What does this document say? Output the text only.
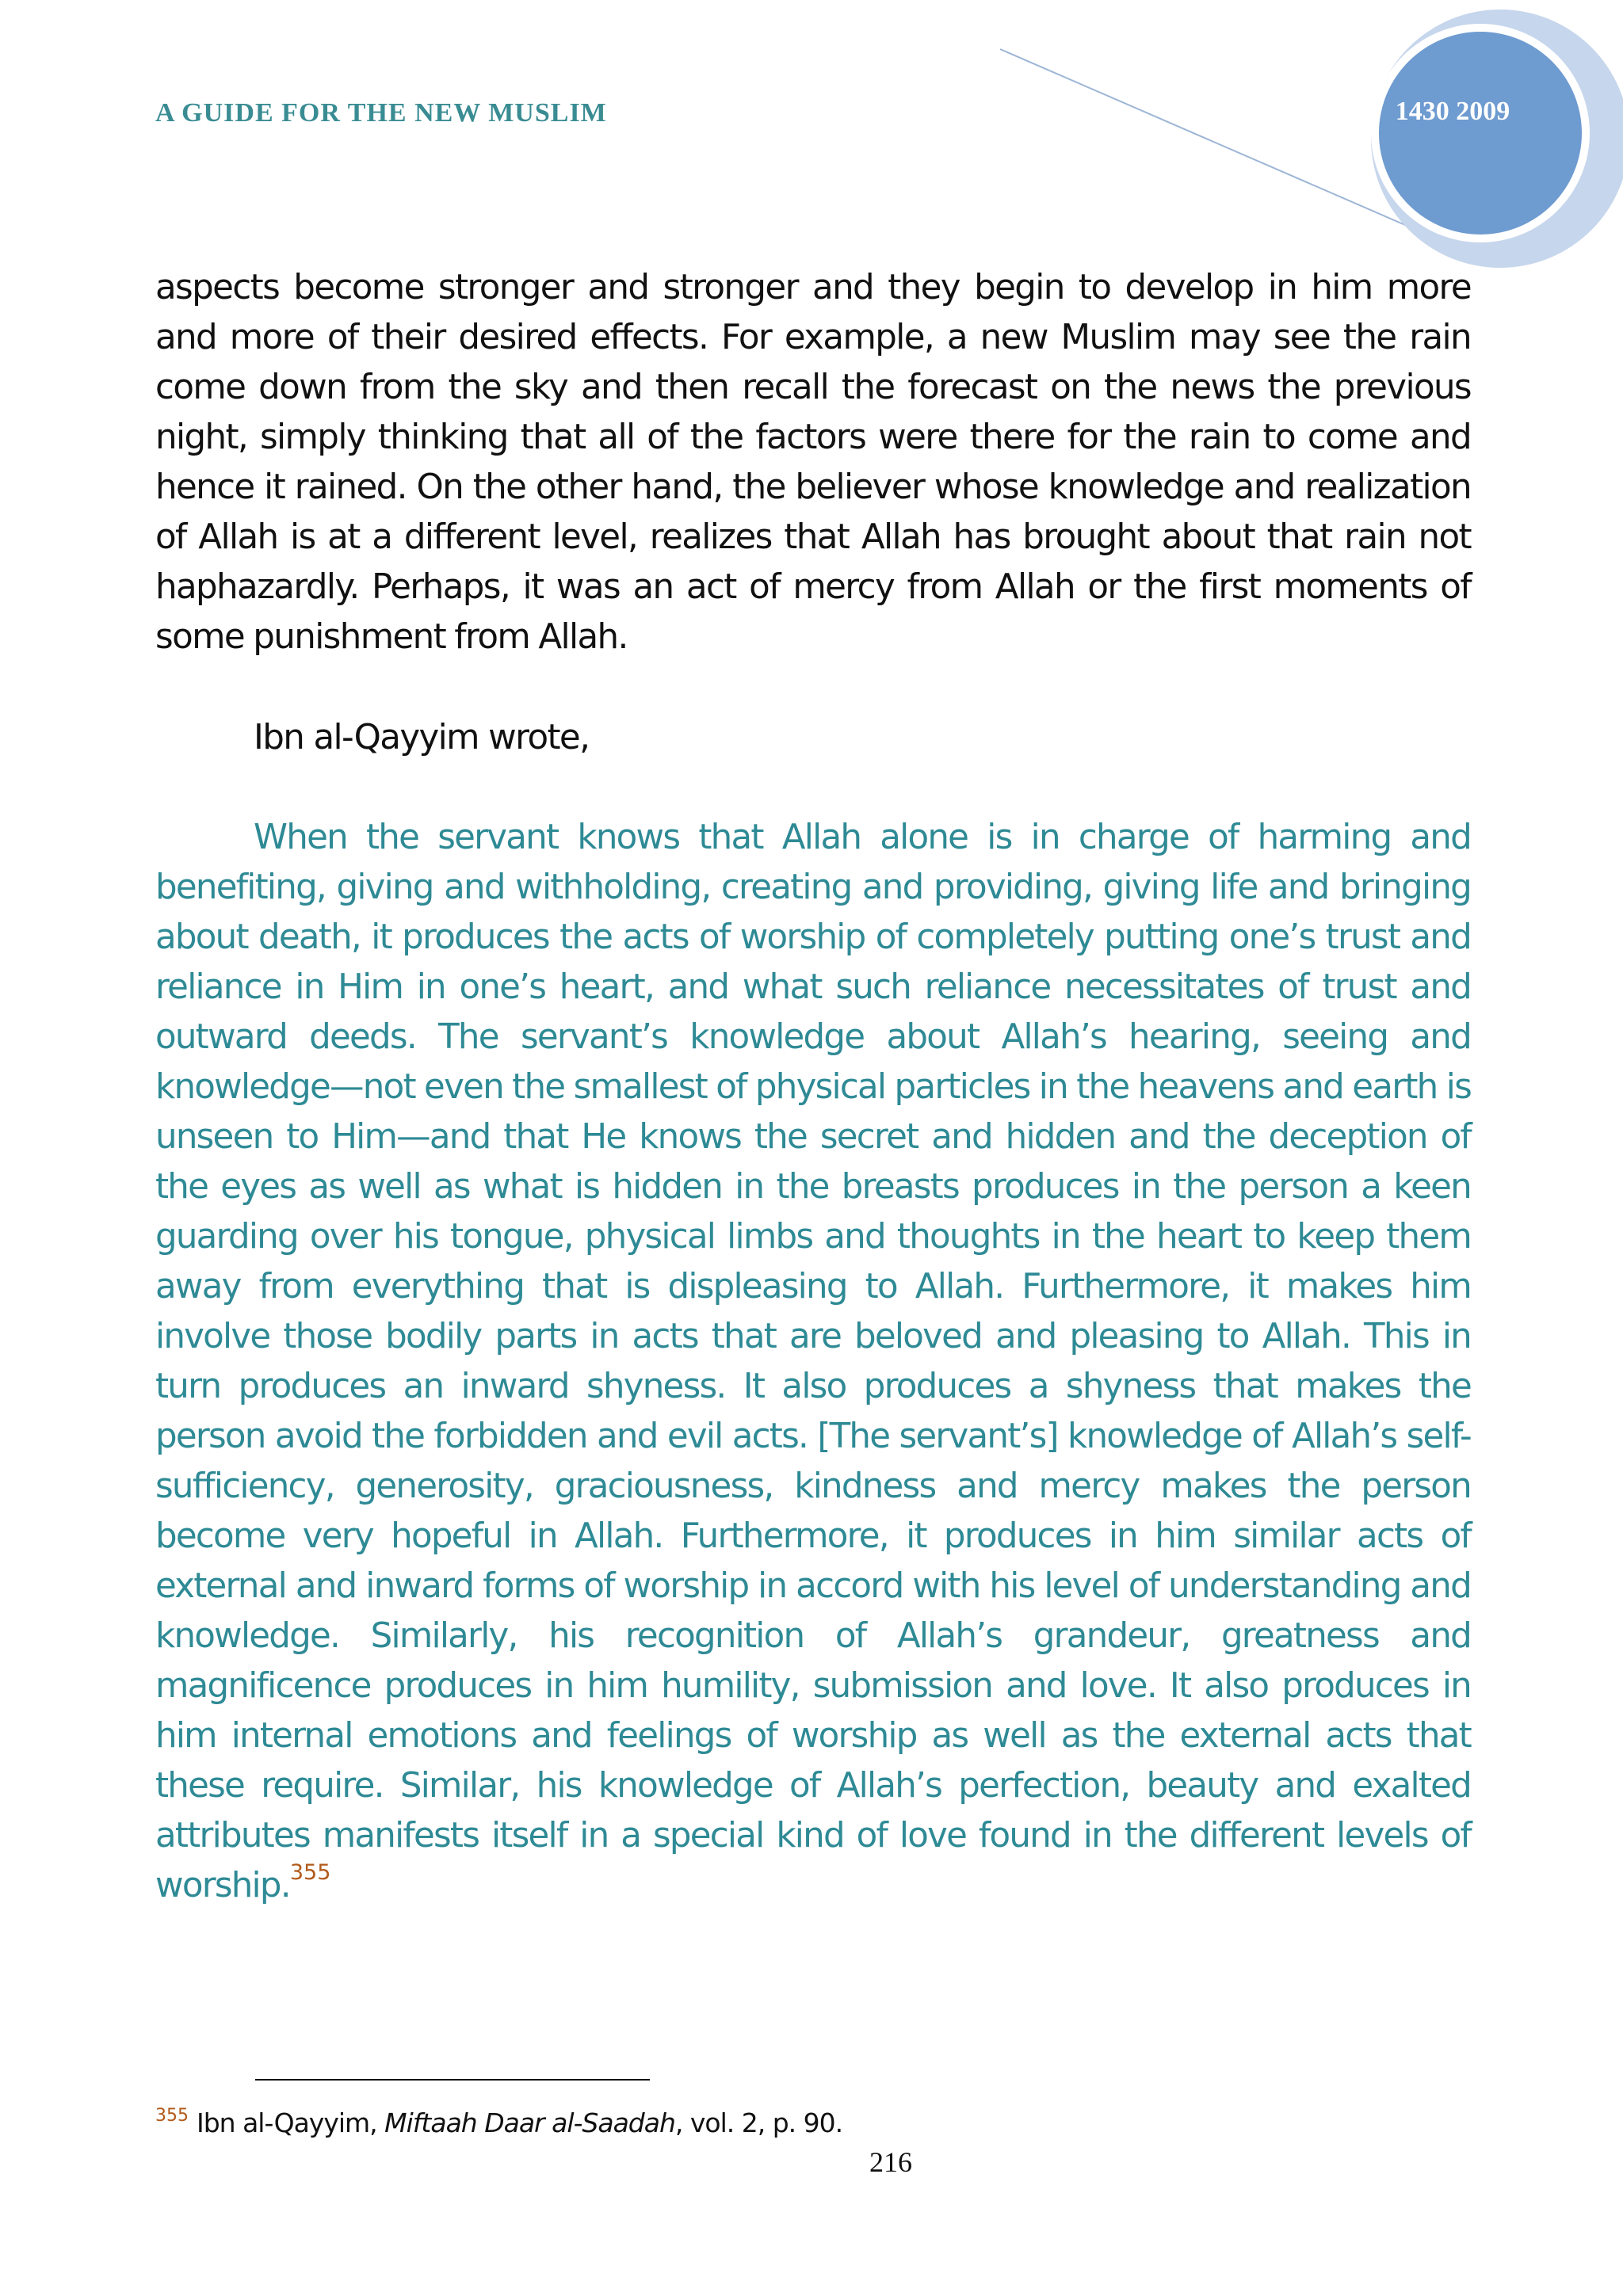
A GUIDE FOR THE NEW MUSLIM	1430 2009

aspects become stronger and stronger and they begin to develop in him more and more of their desired effects. For example, a new Muslim may see the rain come down from the sky and then recall the forecast on the news the previous night, simply thinking that all of the factors were there for the rain to come and hence it rained. On the other hand, the believer whose knowledge and realization of Allah is at a different level, realizes that Allah has brought about that rain not haphazardly. Perhaps, it was an act of mercy from Allah or the first moments of some punishment from Allah.

Ibn al-Qayyim wrote,

When the servant knows that Allah alone is in charge of harming and benefiting, giving and withholding, creating and providing, giving life and bringing about death, it produces the acts of worship of completely putting one’s trust and reliance in Him in one’s heart, and what such reliance necessitates of trust and outward deeds. The servant’s knowledge about Allah’s hearing, seeing and knowledge—not even the smallest of physical particles in the heavens and earth is unseen to Him—and that He knows the secret and hidden and the deception of the eyes as well as what is hidden in the breasts produces in the person a keen guarding over his tongue, physical limbs and thoughts in the heart to keep them away from everything that is displeasing to Allah. Furthermore, it makes him involve those bodily parts in acts that are beloved and pleasing to Allah. This in turn produces an inward shyness. It also produces a shyness that makes the person avoid the forbidden and evil acts. [The servant’s] knowledge of Allah’s self-sufficiency, generosity, graciousness, kindness and mercy makes the person become very hopeful in Allah. Furthermore, it produces in him similar acts of external and inward forms of worship in accord with his level of understanding and knowledge. Similarly, his recognition of Allah’s grandeur, greatness and magnificence produces in him humility, submission and love. It also produces in him internal emotions and feelings of worship as well as the external acts that these require. Similar, his knowledge of Allah’s perfection, beauty and exalted attributes manifests itself in a special kind of love found in the different levels of worship.$^{355}$

$^{355}$ Ibn al-Qayyim, Miftaah Daar al-Saadah, vol. 2, p. 90.
216
